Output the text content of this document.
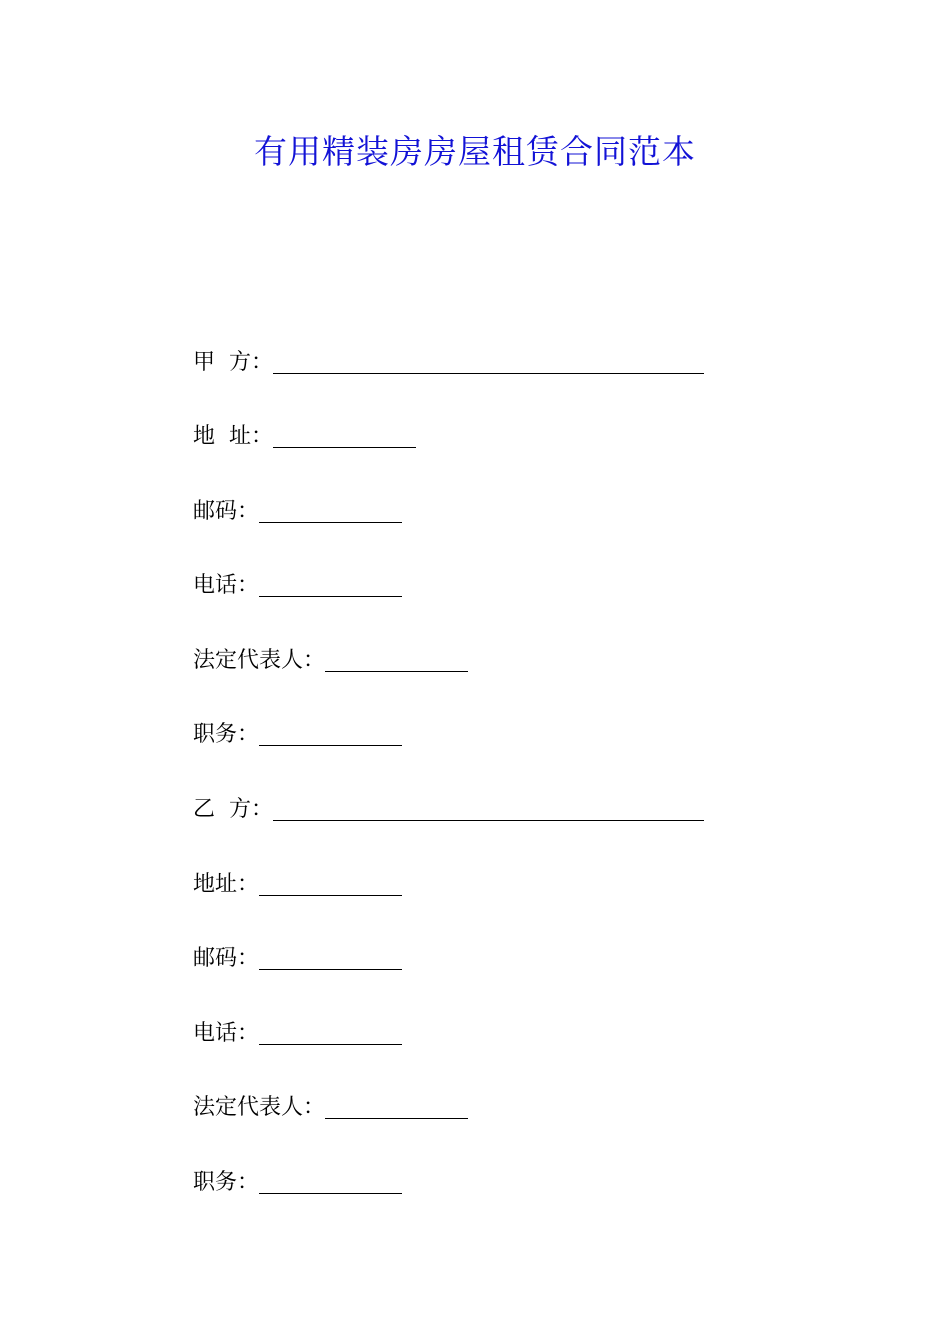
有用精装房房屋租赁合同范本
甲  方：
地  址：
邮码：
电话：
法定代表人：
职务：
乙  方：
地址：
邮码：
电话：
法定代表人：
职务：
